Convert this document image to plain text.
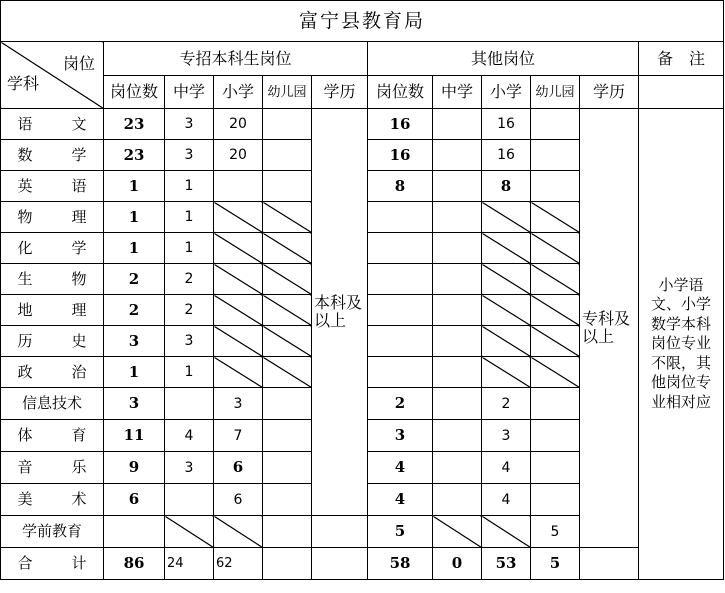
富宁县教育局											

岗位
学科	专招本科生岗位					其他岗位					备　注
	岗位数	中学	小学	幼儿园	学历	岗位数	中学	小学	幼儿园	学历	
语　文	23	3	20		本科及以上	16		16		专科及以上	小学语文、小学数学本科岗位专业不限，其他岗位专业相对应
数　学	23	3	20			16		16			
英　语	1	1				8		8			
物　理	1	1									
化　学	1	1									
生　物	2	2									
地　理	2	2									
历　史	3	3									
政　治	1	1									
信息技术	3		3			2		2			
体　育	11	4	7			3		3			
音　乐	9	3	6			4		4			
美　术	6		6			4		4			
学前教育						5			5		
合　计	86	24	62			58	0	53	5		
